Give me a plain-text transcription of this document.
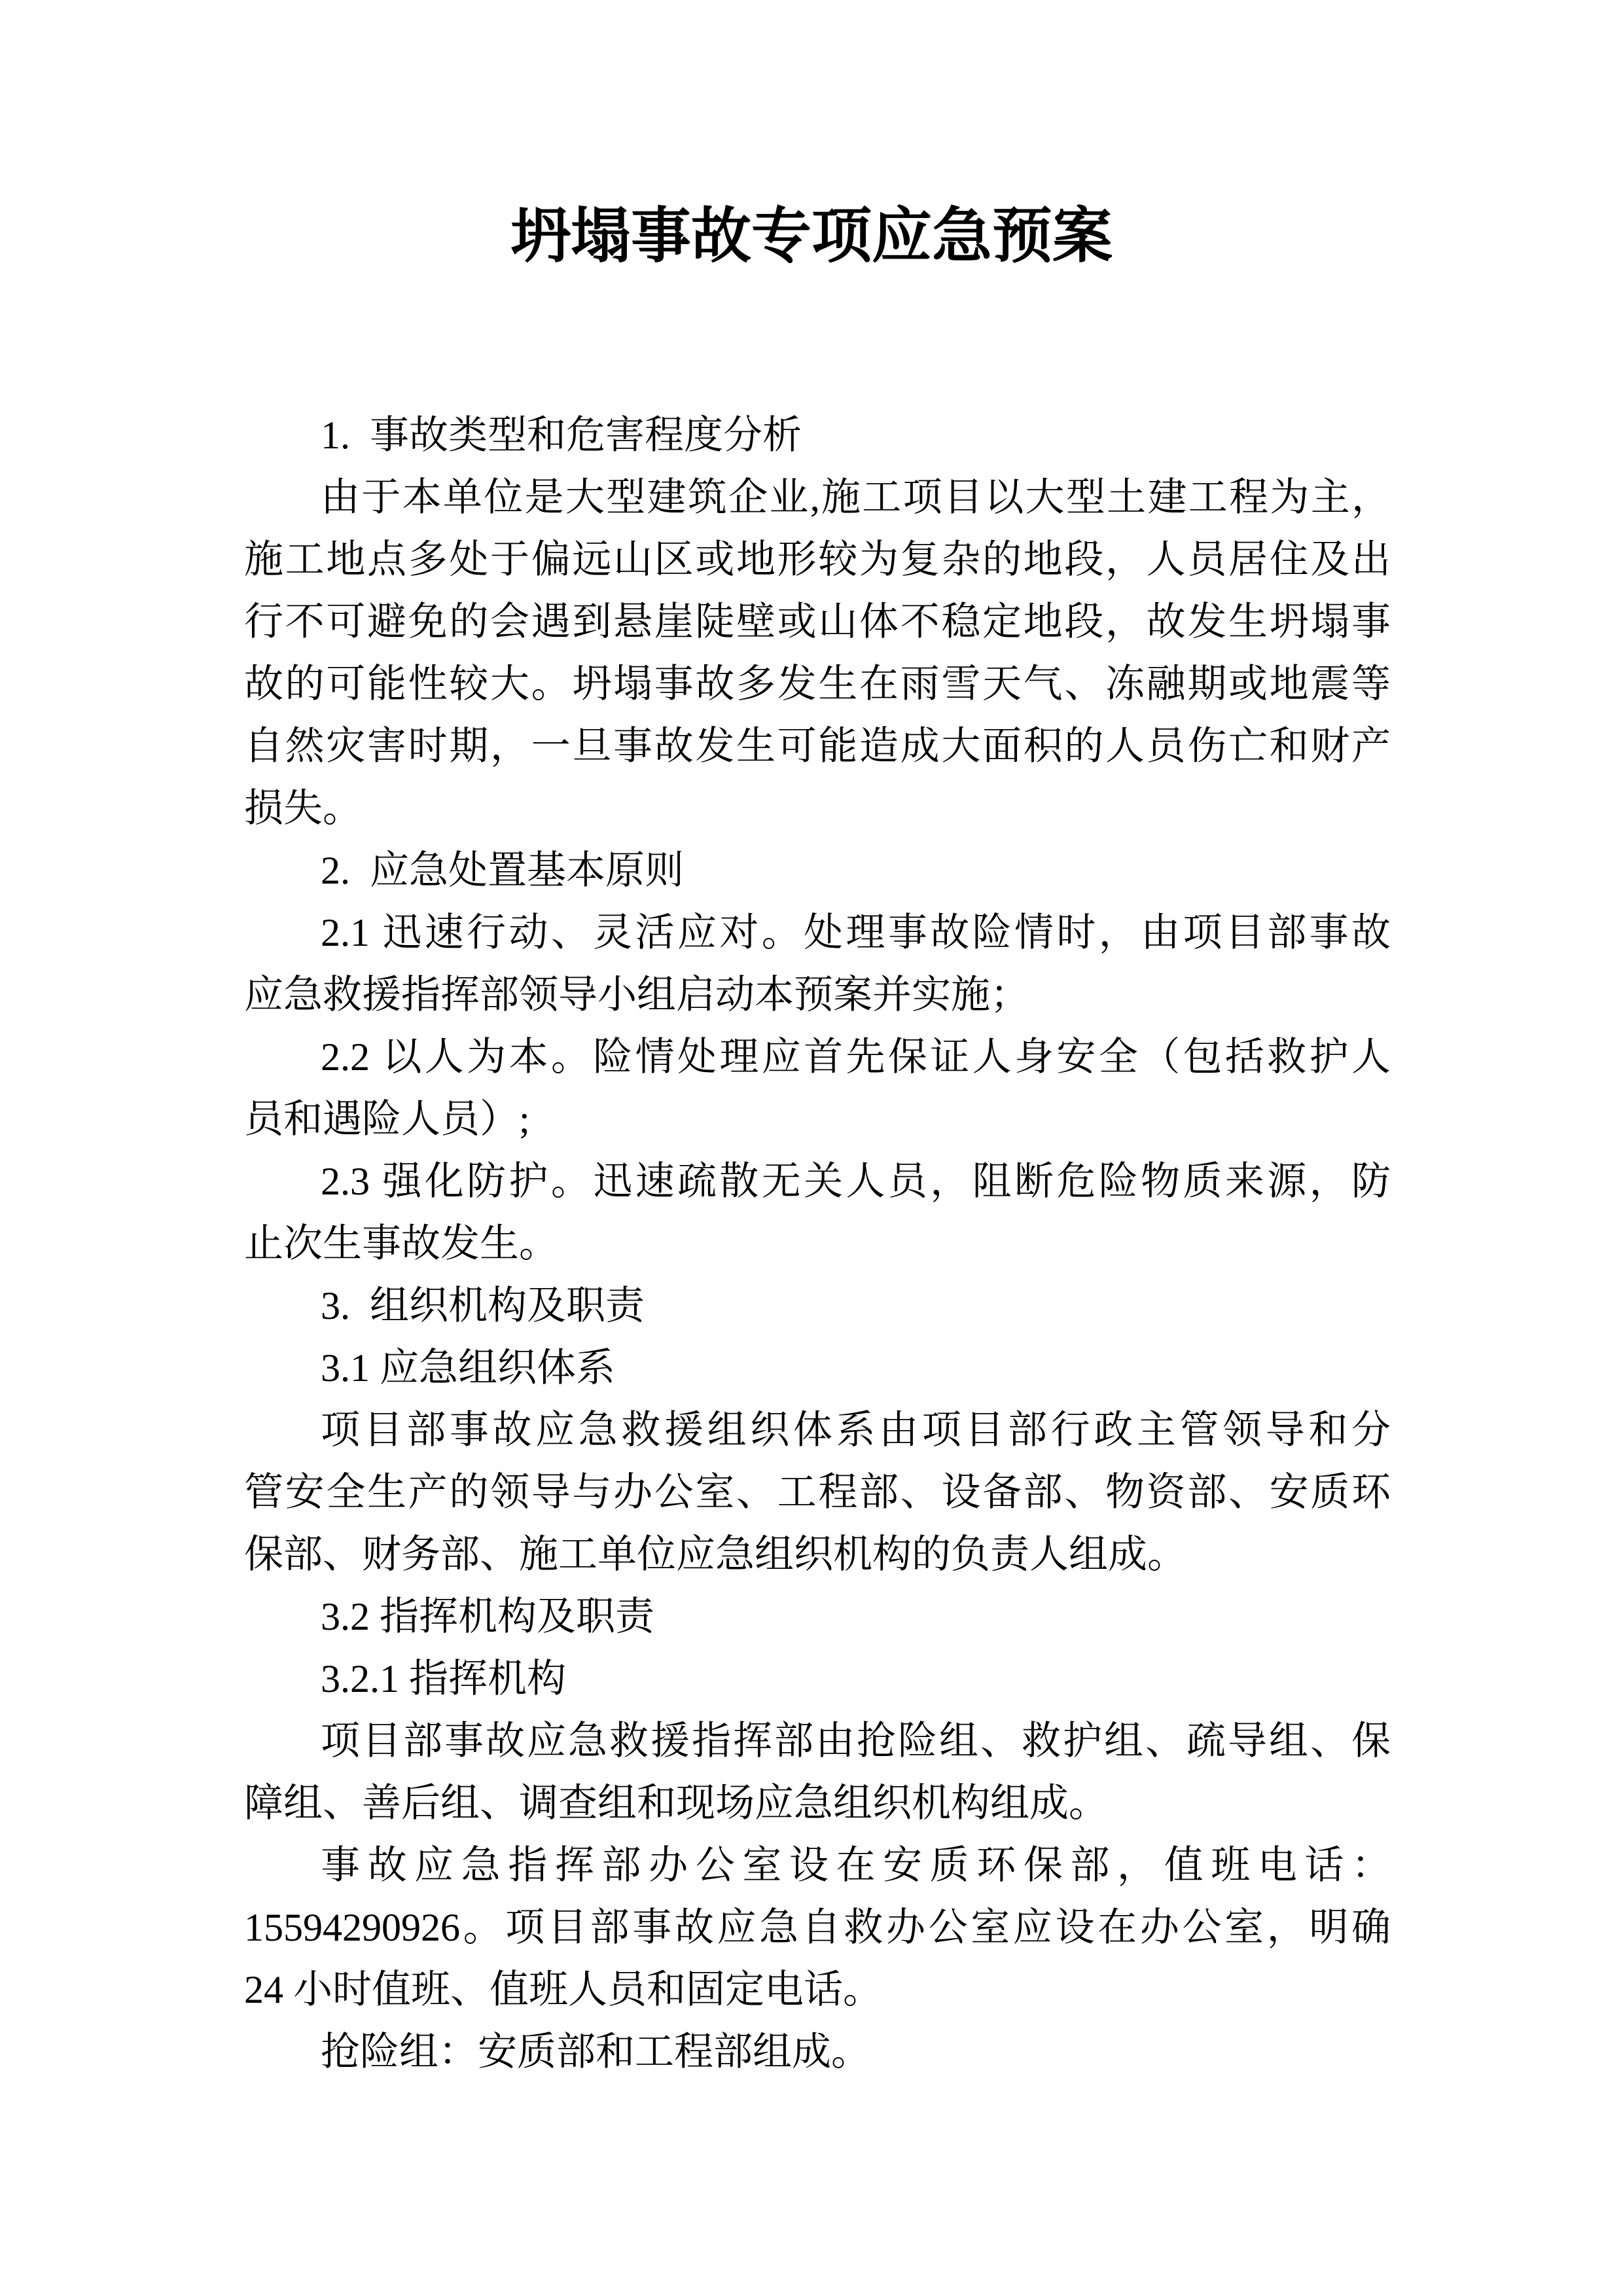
坍塌事故专项应急预案
1.  事故类型和危害程度分析
由于本单位是大型建筑企业,施工项目以大型土建工程为主，
施工地点多处于偏远山区或地形较为复杂的地段，人员居住及出
行不可避免的会遇到悬崖陡壁或山体不稳定地段，故发生坍塌事
故的可能性较大。坍塌事故多发生在雨雪天气、冻融期或地震等
自然灾害时期，一旦事故发生可能造成大面积的人员伤亡和财产
损失。
2.  应急处置基本原则
2.1 迅速行动、灵活应对。处理事故险情时，由项目部事故
应急救援指挥部领导小组启动本预案并实施；
2.2 以人为本。险情处理应首先保证人身安全（包括救护人
员和遇险人员）;
2.3 强化防护。迅速疏散无关人员，阻断危险物质来源，防
止次生事故发生。
3.  组织机构及职责
3.1 应急组织体系
项目部事故应急救援组织体系由项目部行政主管领导和分
管安全生产的领导与办公室、工程部、设备部、物资部、安质环
保部、财务部、施工单位应急组织机构的负责人组成。
3.2 指挥机构及职责
3.2.1 指挥机构
项目部事故应急救援指挥部由抢险组、救护组、疏导组、保
障组、善后组、调查组和现场应急组织机构组成。
事故应急指挥部办公室设在安质环保部，值班电话：
15594290926。项目部事故应急自救办公室应设在办公室，明确
24 小时值班、值班人员和固定电话。
抢险组：安质部和工程部组成。
